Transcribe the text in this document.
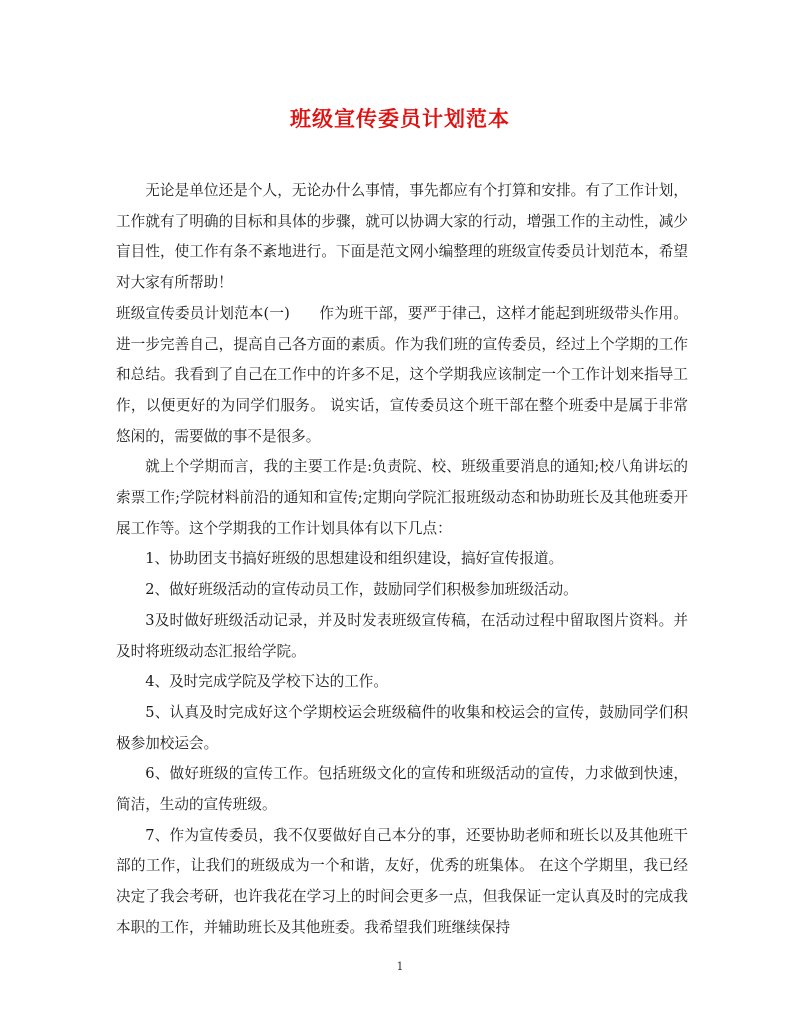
班级宣传委员计划范本

无论是单位还是个人，无论办什么事情，事先都应有个打算和安排。有了工作计划，工作就有了明确的目标和具体的步骤，就可以协调大家的行动，增强工作的主动性，减少盲目性，使工作有条不紊地进行。下面是范文网小编整理的班级宣传委员计划范本，希望对大家有所帮助！

班级宣传委员计划范本(一)　　作为班干部，要严于律己，这样才能起到班级带头作用。进一步完善自己，提高自己各方面的素质。作为我们班的宣传委员，经过上个学期的工作和总结。我看到了自己在工作中的许多不足，这个学期我应该制定一个工作计划来指导工作，以便更好的为同学们服务。 说实话，宣传委员这个班干部在整个班委中是属于非常悠闲的，需要做的事不是很多。

就上个学期而言，我的主要工作是:负责院、校、班级重要消息的通知;校八角讲坛的索票工作;学院材料前沿的通知和宣传;定期向学院汇报班级动态和协助班长及其他班委开展工作等。这个学期我的工作计划具体有以下几点：

1、协助团支书搞好班级的思想建设和组织建设，搞好宣传报道。

2、做好班级活动的宣传动员工作，鼓励同学们积极参加班级活动。

3及时做好班级活动记录，并及时发表班级宣传稿，在活动过程中留取图片资料。并及时将班级动态汇报给学院。

4、及时完成学院及学校下达的工作。

5、认真及时完成好这个学期校运会班级稿件的收集和校运会的宣传，鼓励同学们积极参加校运会。

6、做好班级的宣传工作。包括班级文化的宣传和班级活动的宣传，力求做到快速，简洁，生动的宣传班级。

7、作为宣传委员，我不仅要做好自己本分的事，还要协助老师和班长以及其他班干部的工作，让我们的班级成为一个和谐，友好，优秀的班集体。 在这个学期里，我已经决定了我会考研，也许我花在学习上的时间会更多一点，但我保证一定认真及时的完成我本职的工作，并辅助班长及其他班委。我希望我们班继续保持

1
